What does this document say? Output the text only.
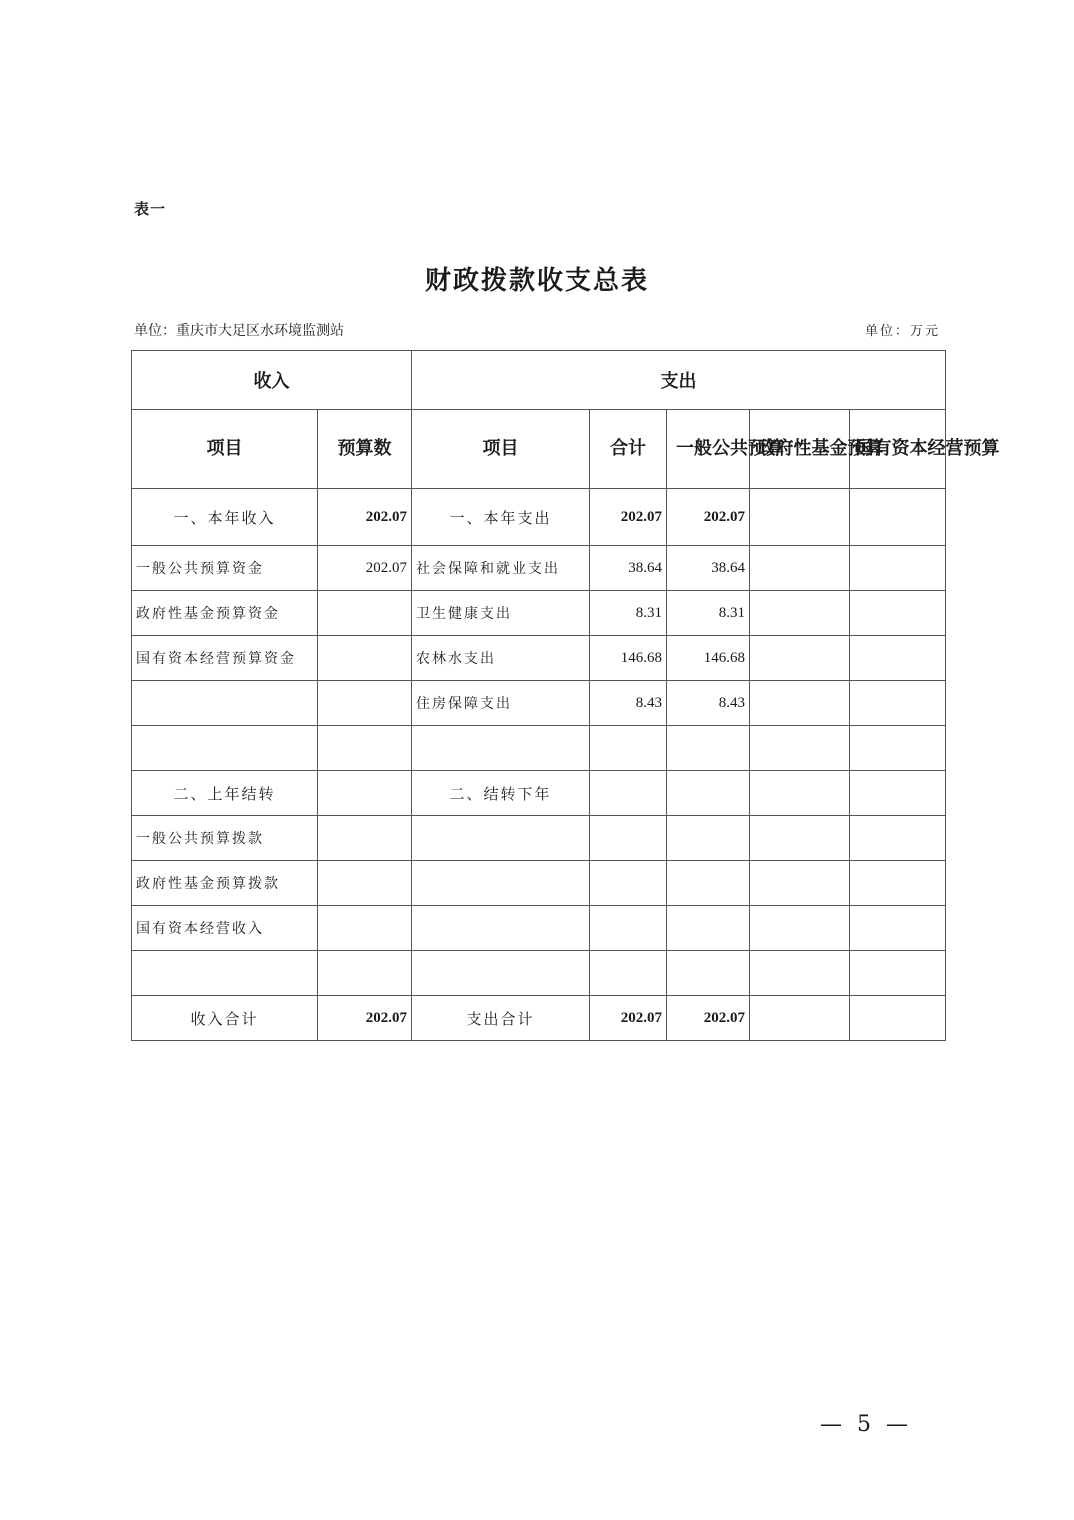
表一
财政拨款收支总表
单位：重庆市大足区水环境监测站	单位：万元
收入		支出				
项目	预算数	项目	合计	一般公共预算	政府性基金预算	国有资本经营预算
一、本年收入	202.07	一、本年支出	202.07	202.07		
一般公共预算资金	202.07	社会保障和就业支出	38.64	38.64		
政府性基金预算资金		卫生健康支出	8.31	8.31		
国有资本经营预算资金		农林水支出	146.68	146.68		
		住房保障支出	8.43	8.43		

二、上年结转		二、结转下年				
一般公共预算拨款						
政府性基金预算拨款						
国有资本经营收入						

收入合计	202.07	支出合计	202.07	202.07		
— 5 —
